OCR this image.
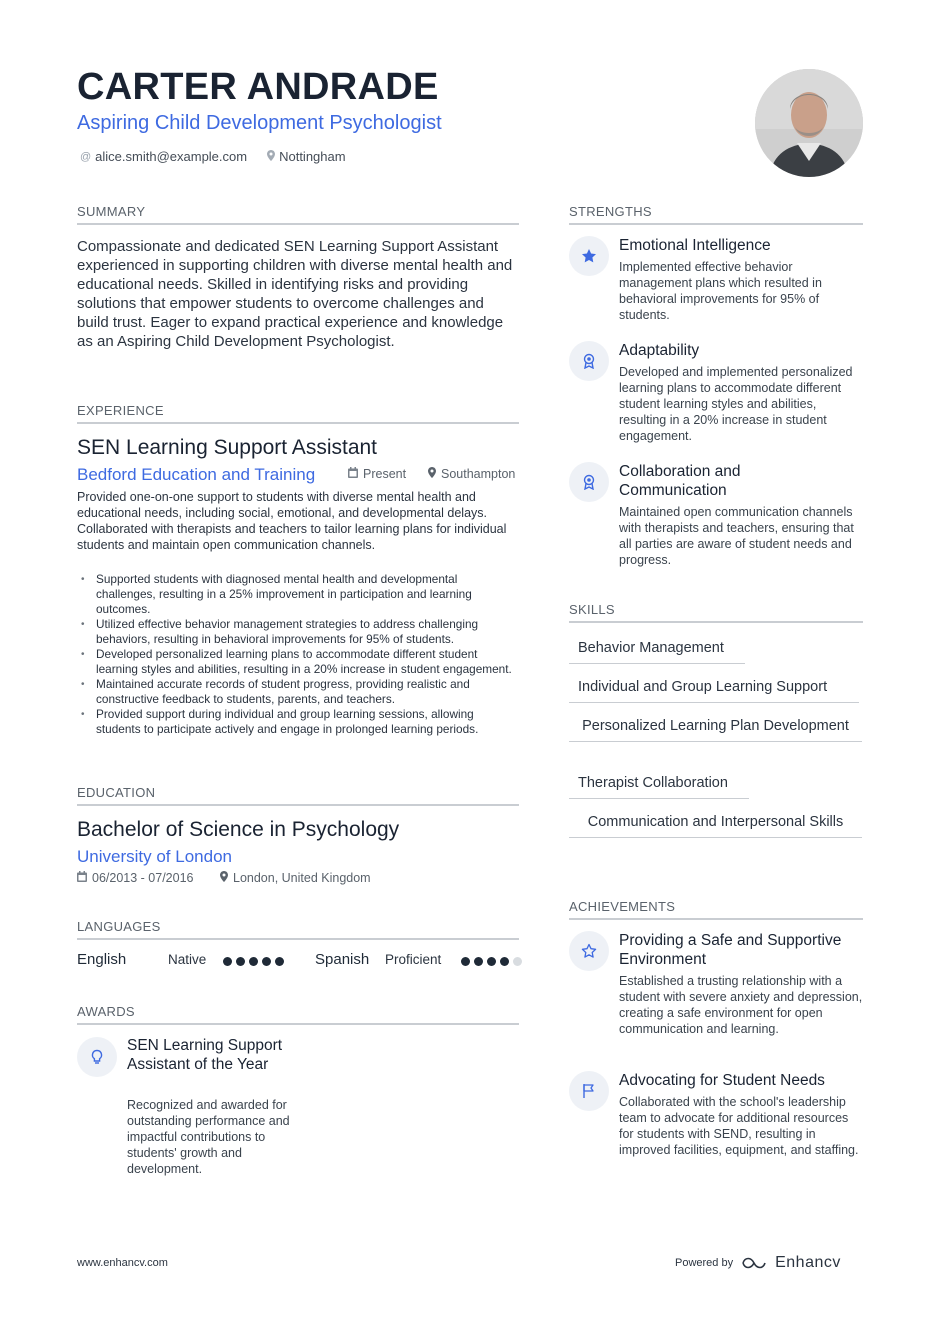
CARTER ANDRADE
Aspiring Child Development Psychologist
@ alice.smith@example.com Nottingham
SUMMARY
Compassionate and dedicated SEN Learning Support Assistant experienced in supporting children with diverse mental health and educational needs. Skilled in identifying risks and providing solutions that empower students to overcome challenges and build trust. Eager to expand practical experience and knowledge as an Aspiring Child Development Psychologist.
EXPERIENCE
SEN Learning Support Assistant
Bedford Education and Training	Present	Southampton
Provided one-on-one support to students with diverse mental health and educational needs, including social, emotional, and developmental delays. Collaborated with therapists and teachers to tailor learning plans for individual students and maintain open communication channels.
• Supported students with diagnosed mental health and developmental challenges, resulting in a 25% improvement in participation and learning outcomes.
• Utilized effective behavior management strategies to address challenging behaviors, resulting in behavioral improvements for 95% of students.
• Developed personalized learning plans to accommodate different student learning styles and abilities, resulting in a 20% increase in student engagement.
• Maintained accurate records of student progress, providing realistic and constructive feedback to students, parents, and teachers.
• Provided support during individual and group learning sessions, allowing students to participate actively and engage in prolonged learning periods.
EDUCATION
Bachelor of Science in Psychology
University of London
06/2013 - 07/2016	London, United Kingdom
LANGUAGES
English	Native	Spanish Proficient
AWARDS
SEN Learning Support Assistant of the Year
Recognized and awarded for outstanding performance and impactful contributions to students' growth and development.
STRENGTHS
Emotional Intelligence
Implemented effective behavior management plans which resulted in behavioral improvements for 95% of students.
Adaptability
Developed and implemented personalized learning plans to accommodate different student learning styles and abilities, resulting in a 20% increase in student engagement.
Collaboration and Communication
Maintained open communication channels with therapists and teachers, ensuring that all parties are aware of student needs and progress.
SKILLS
Behavior Management
Individual and Group Learning Support
Personalized Learning Plan Development
Therapist Collaboration
Communication and Interpersonal Skills
ACHIEVEMENTS
Providing a Safe and Supportive Environment
Established a trusting relationship with a student with severe anxiety and depression, creating a safe environment for open communication and learning.
Advocating for Student Needs
Collaborated with the school's leadership team to advocate for additional resources for students with SEND, resulting in improved facilities, equipment, and staffing.
www.enhancv.com	Powered by	Enhancv
